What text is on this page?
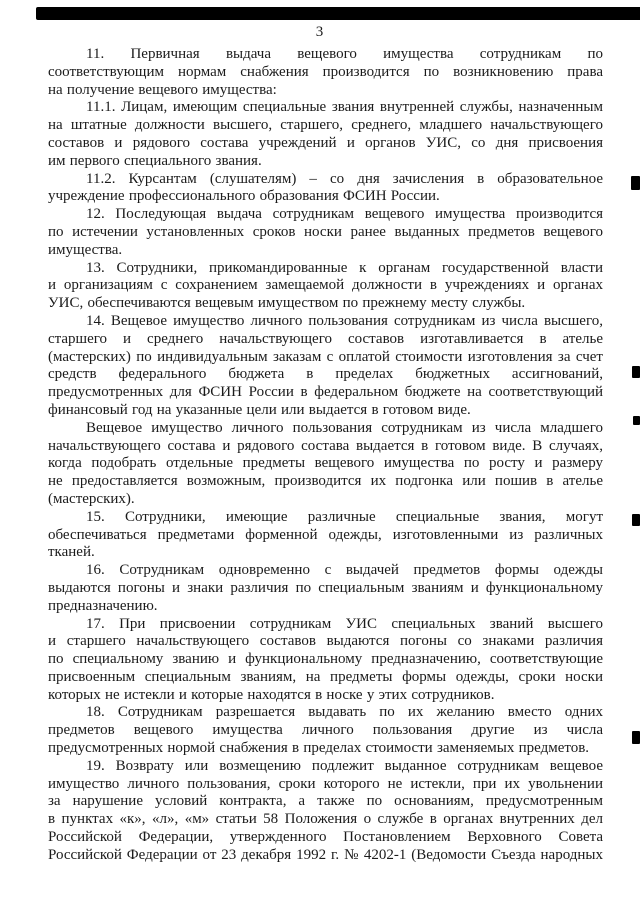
3
11. Первичная выдача вещевого имущества сотрудникам по
соответствующим нормам снабжения производится по возникновению права
на получение вещевого имущества:
11.1. Лицам, имеющим специальные звания внутренней службы, назначенным
на штатные должности высшего, старшего, среднего, младшего начальствующего
составов и рядового состава учреждений и органов УИС, со дня присвоения
им первого специального звания.
11.2. Курсантам (слушателям) – со дня зачисления в образовательное
учреждение профессионального образования ФСИН России.
12. Последующая выдача сотрудникам вещевого имущества производится
по истечении установленных сроков носки ранее выданных предметов вещевого
имущества.
13. Сотрудники, прикомандированные к органам государственной власти
и организациям с сохранением замещаемой должности в учреждениях и органах
УИС, обеспечиваются вещевым имуществом по прежнему месту службы.
14. Вещевое имущество личного пользования сотрудникам из числа высшего,
старшего и среднего начальствующего составов изготавливается в ателье
(мастерских) по индивидуальным заказам с оплатой стоимости изготовления за счет
средств федерального бюджета в пределах бюджетных ассигнований,
предусмотренных для ФСИН России в федеральном бюджете на соответствующий
финансовый год на указанные цели или выдается в готовом виде.
Вещевое имущество личного пользования сотрудникам из числа младшего
начальствующего состава и рядового состава выдается в готовом виде. В случаях,
когда подобрать отдельные предметы вещевого имущества по росту и размеру
не предоставляется возможным, производится их подгонка или пошив в ателье
(мастерских).
15. Сотрудники, имеющие различные специальные звания, могут
обеспечиваться предметами форменной одежды, изготовленными из различных
тканей.
16. Сотрудникам одновременно с выдачей предметов формы одежды
выдаются погоны и знаки различия по специальным званиям и функциональному
предназначению.
17. При присвоении сотрудникам УИС специальных званий высшего
и старшего начальствующего составов выдаются погоны со знаками различия
по специальному званию и функциональному предназначению, соответствующие
присвоенным специальным званиям, на предметы формы одежды, сроки носки
которых не истекли и которые находятся в носке у этих сотрудников.
18. Сотрудникам разрешается выдавать по их желанию вместо одних
предметов вещевого имущества личного пользования другие из числа
предусмотренных нормой снабжения в пределах стоимости заменяемых предметов.
19. Возврату или возмещению подлежит выданное сотрудникам вещевое
имущество личного пользования, сроки которого не истекли, при их увольнении
за нарушение условий контракта, а также по основаниям, предусмотренным
в пунктах «к», «л», «м» статьи 58 Положения о службе в органах внутренних дел
Российской Федерации, утвержденного Постановлением Верховного Совета
Российской Федерации от 23 декабря 1992 г. № 4202-1 (Ведомости Съезда народных
